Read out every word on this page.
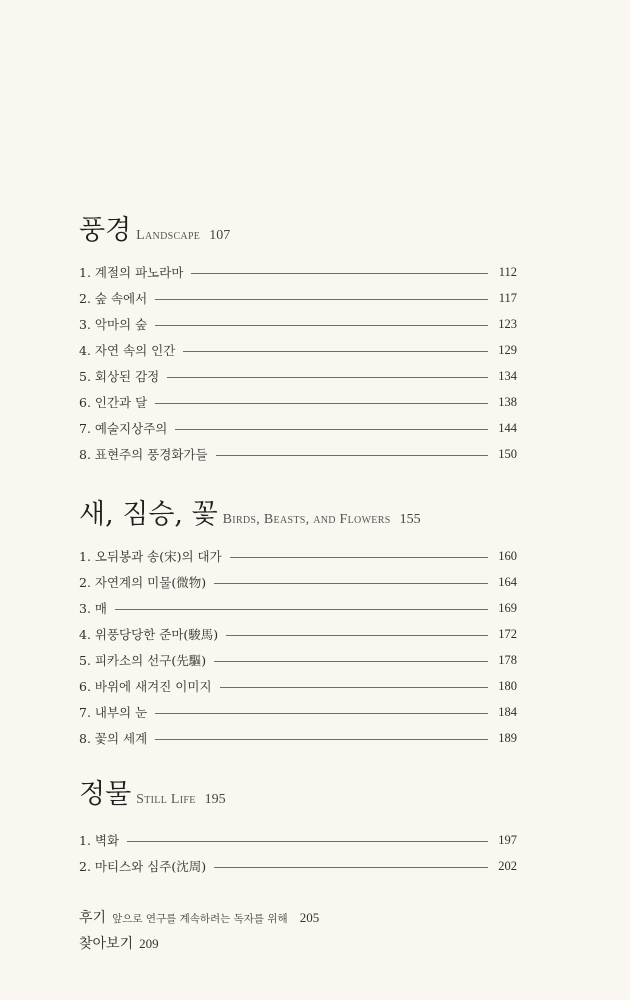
풍경 Landscape 107
1. 계절의 파노라마	112
2. 숲 속에서	117
3. 악마의 숲	123
4. 자연 속의 인간	129
5. 회상된 감정	134
6. 인간과 달	138
7. 예술지상주의	144
8. 표현주의 풍경화가들	150
새, 짐승, 꽃 Birds, Beasts, and Flowers 155
1. 오뒤봉과 송(宋)의 대가	160
2. 자연계의 미물(微物)	164
3. 매	169
4. 위풍당당한 준마(駿馬)	172
5. 피카소의 선구(先驅)	178
6. 바위에 새겨진 이미지	180
7. 내부의 눈	184
8. 꽃의 세계	189
정물 Still Life 195
1. 벽화	197
2. 마티스와 심주(沈周)	202
후기 앞으로 연구를 계속하려는 독자를 위해 205
찾아보기 209
